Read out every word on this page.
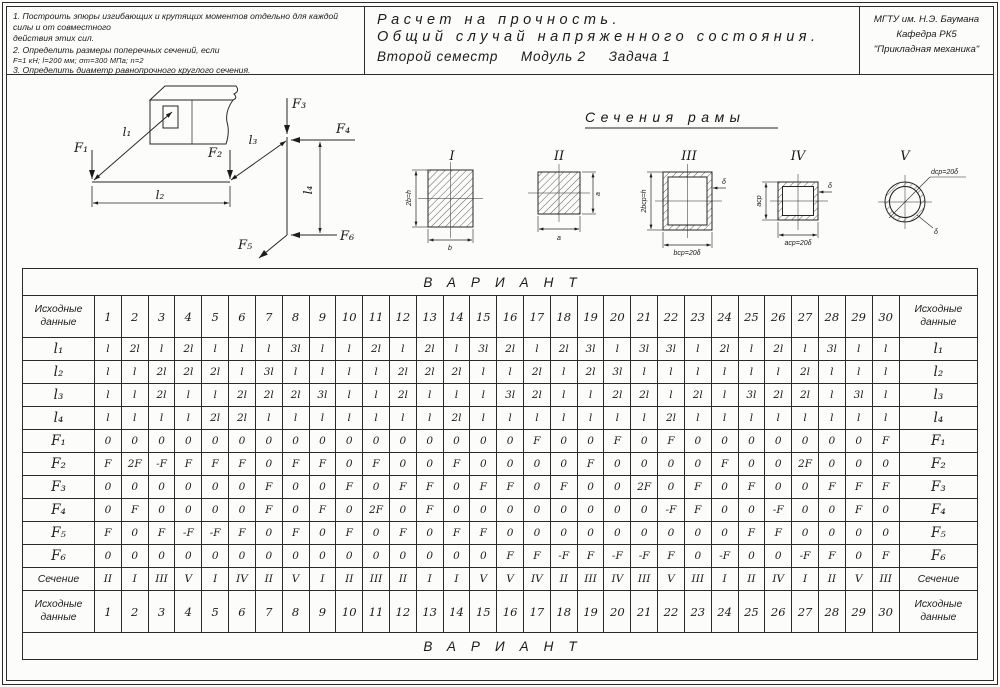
1. Построить эпюры изгибающих и крутящих моментов отдельно для каждой силы и от совместного
действия этих сил.
2. Определить размеры поперечных сечений, если
F=1 кН; l=200 мм; σт=300 МПа; n=2
3. Определить диаметр равнопрочного круглого сечения.
Расчет на прочность.
Общий случай напряженного состояния.
Второй семестр     Модуль 2     Задача 1
МГТУ им. Н.Э. Баумана
Кафедра РК5
"Прикладная механика"
F₁	F₂
F₃
F₄
F₅
F₆
l₁
l₂
l₃
l₄
Сечения рамы
I
2b=h
b
II
a
a
III
2bср=h
bср=20δ
δ
IV
aср
aср=20δ
δ
V
dср=20δ
δ
ВАРИАНТ																															
Исходные данные	1	2	3	4	5	6	7	8	9	10	11	12	13	14	15	16	17	18	19	20	21	22	23	24	25	26	27	28	29	30	Исходные данные
l₁	l	2l	l	2l	l	l	l	3l	l	l	2l	l	2l	l	3l	2l	l	2l	3l	l	3l	3l	l	2l	l	2l	l	3l	l	l	l₁
l₂	l	l	2l	2l	2l	l	3l	l	l	l	l	2l	2l	2l	l	l	2l	l	2l	3l	l	l	l	l	l	l	2l	l	l	l	l₂
l₃	l	l	2l	l	l	2l	2l	2l	3l	l	l	2l	l	l	l	3l	2l	l	l	2l	2l	l	2l	l	3l	2l	2l	l	3l	l	l₃
l₄	l	l	l	l	2l	2l	l	l	l	l	l	l	l	2l	l	l	l	l	l	l	l	2l	l	l	l	l	l	l	l	l	l₄
F₁	0	0	0	0	0	0	0	0	0	0	0	0	0	0	0	0	F	0	0	F	0	F	0	0	0	0	0	0	0	F	F₁
F₂	F	2F	-F	F	F	F	0	F	F	0	F	0	0	F	0	0	0	0	F	0	0	0	0	F	0	0	2F	0	0	0	F₂
F₃	0	0	0	0	0	0	F	0	0	F	0	F	F	0	F	F	0	F	0	0	2F	0	F	0	F	0	0	F	F	F	F₃
F₄	0	F	0	0	0	0	F	0	F	0	2F	0	F	0	0	0	0	0	0	0	0	-F	F	0	0	-F	0	0	F	0	F₄
F₅	F	0	F	-F	-F	F	0	F	0	F	0	F	0	F	F	0	0	0	0	0	0	0	0	0	F	F	0	0	0	0	F₅
F₆	0	0	0	0	0	0	0	0	0	0	0	0	0	0	0	F	F	-F	F	-F	-F	F	0	-F	0	0	-F	F	0	F	F₆
Сечение	II	I	III	V	I	IV	II	V	I	II	III	II	I	I	V	V	IV	II	III	IV	III	V	III	I	II	IV	I	II	V	III	Сечение
Исходные данные	1	2	3	4	5	6	7	8	9	10	11	12	13	14	15	16	17	18	19	20	21	22	23	24	25	26	27	28	29	30	Исходные данные
ВАРИАНТ																															
